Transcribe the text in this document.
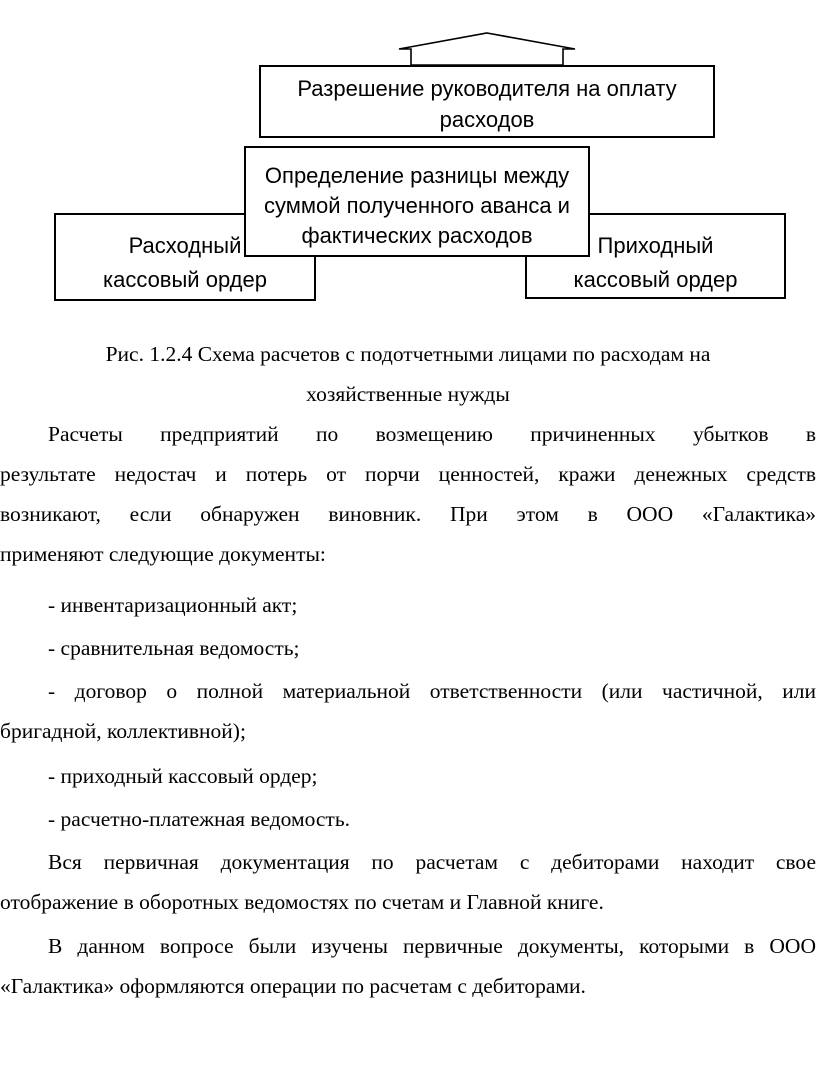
Разрешение руководителя на оплату
расходов
Расходный
кассовый ордер
Приходный
кассовый ордер
Определение разницы между
суммой полученного аванса и
фактических расходов
Рис. 1.2.4 Схема расчетов с подотчетными лицами по расходам на
хозяйственные нужды
Расчеты предприятий по возмещению причиненных убытков в
результате недостач и потерь от порчи ценностей, кражи денежных средств
возникают, если обнаружен виновник. При этом в ООО «Галактика»
применяют следующие документы:
- инвентаризационный акт;
- сравнительная ведомость;
- договор о полной материальной ответственности (или частичной, или
бригадной, коллективной);
- приходный кассовый ордер;
- расчетно-платежная ведомость.
Вся первичная документация по расчетам с дебиторами находит свое
отображение в оборотных ведомостях по счетам и Главной книге.
В данном вопросе были изучены первичные документы, которыми в ООО
«Галактика» оформляются операции по расчетам с дебиторами.
